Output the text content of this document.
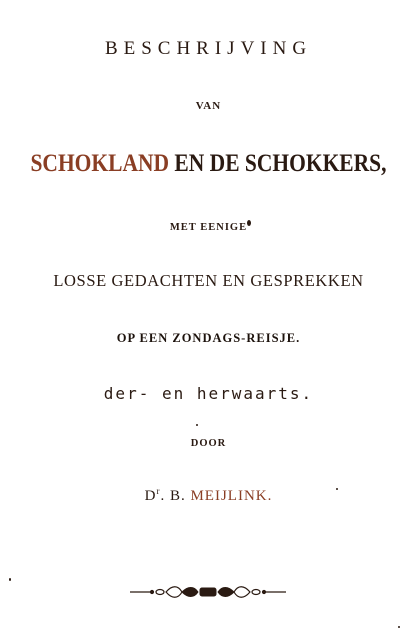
BESCHRIJVING
VAN
SCHOKLAND EN DE SCHOKKERS,
MET EENIGE
LOSSE GEDACHTEN EN GESPREKKEN
OP EEN ZONDAGS-REISJE.
der- en herwaarts.
DOOR
$D^r$. B. MEIJLINK.
